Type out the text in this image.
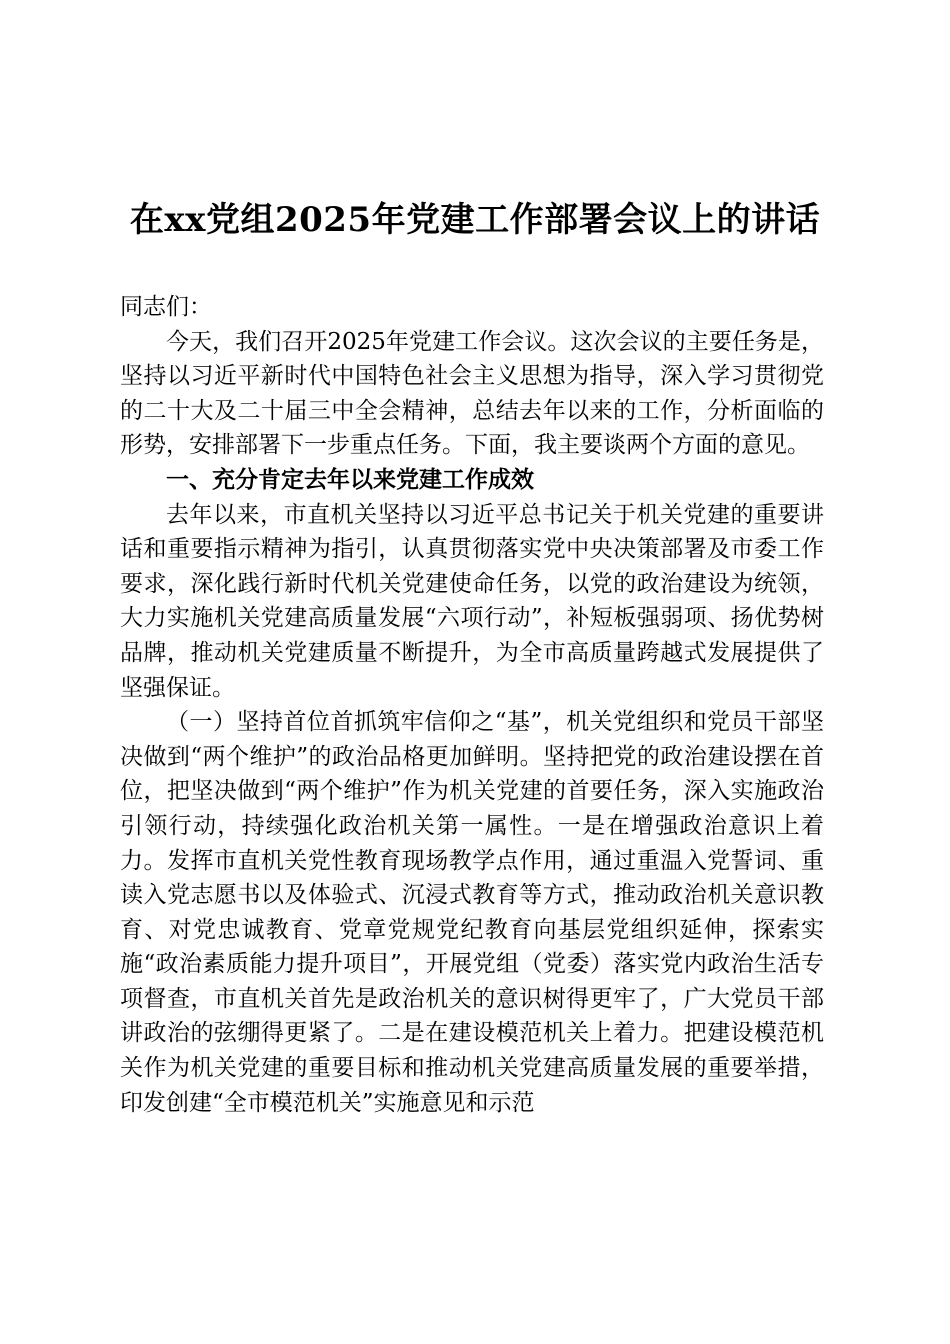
在xx党组2025年党建工作部署会议上的讲话

同志们：

今天，我们召开2025年党建工作会议。这次会议的主要任务是，坚持以习近平新时代中国特色社会主义思想为指导，深入学习贯彻党的二十大及二十届三中全会精神，总结去年以来的工作，分析面临的形势，安排部署下一步重点任务。下面，我主要谈两个方面的意见。

一、充分肯定去年以来党建工作成效

去年以来，市直机关坚持以习近平总书记关于机关党建的重要讲话和重要指示精神为指引，认真贯彻落实党中央决策部署及市委工作要求，深化践行新时代机关党建使命任务，以党的政治建设为统领，大力实施机关党建高质量发展“六项行动”，补短板强弱项、扬优势树品牌，推动机关党建质量不断提升，为全市高质量跨越式发展提供了坚强保证。

（一）坚持首位首抓筑牢信仰之“基”，机关党组织和党员干部坚决做到“两个维护”的政治品格更加鲜明。坚持把党的政治建设摆在首位，把坚决做到“两个维护”作为机关党建的首要任务，深入实施政治引领行动，持续强化政治机关第一属性。一是在增强政治意识上着力。发挥市直机关党性教育现场教学点作用，通过重温入党誓词、重读入党志愿书以及体验式、沉浸式教育等方式，推动政治机关意识教育、对党忠诚教育、党章党规党纪教育向基层党组织延伸，探索实施“政治素质能力提升项目”，开展党组（党委）落实党内政治生活专项督查，市直机关首先是政治机关的意识树得更牢了，广大党员干部讲政治的弦绷得更紧了。二是在建设模范机关上着力。把建设模范机关作为机关党建的重要目标和推动机关党建高质量发展的重要举措，印发创建“全市模范机关”实施意见和示范
